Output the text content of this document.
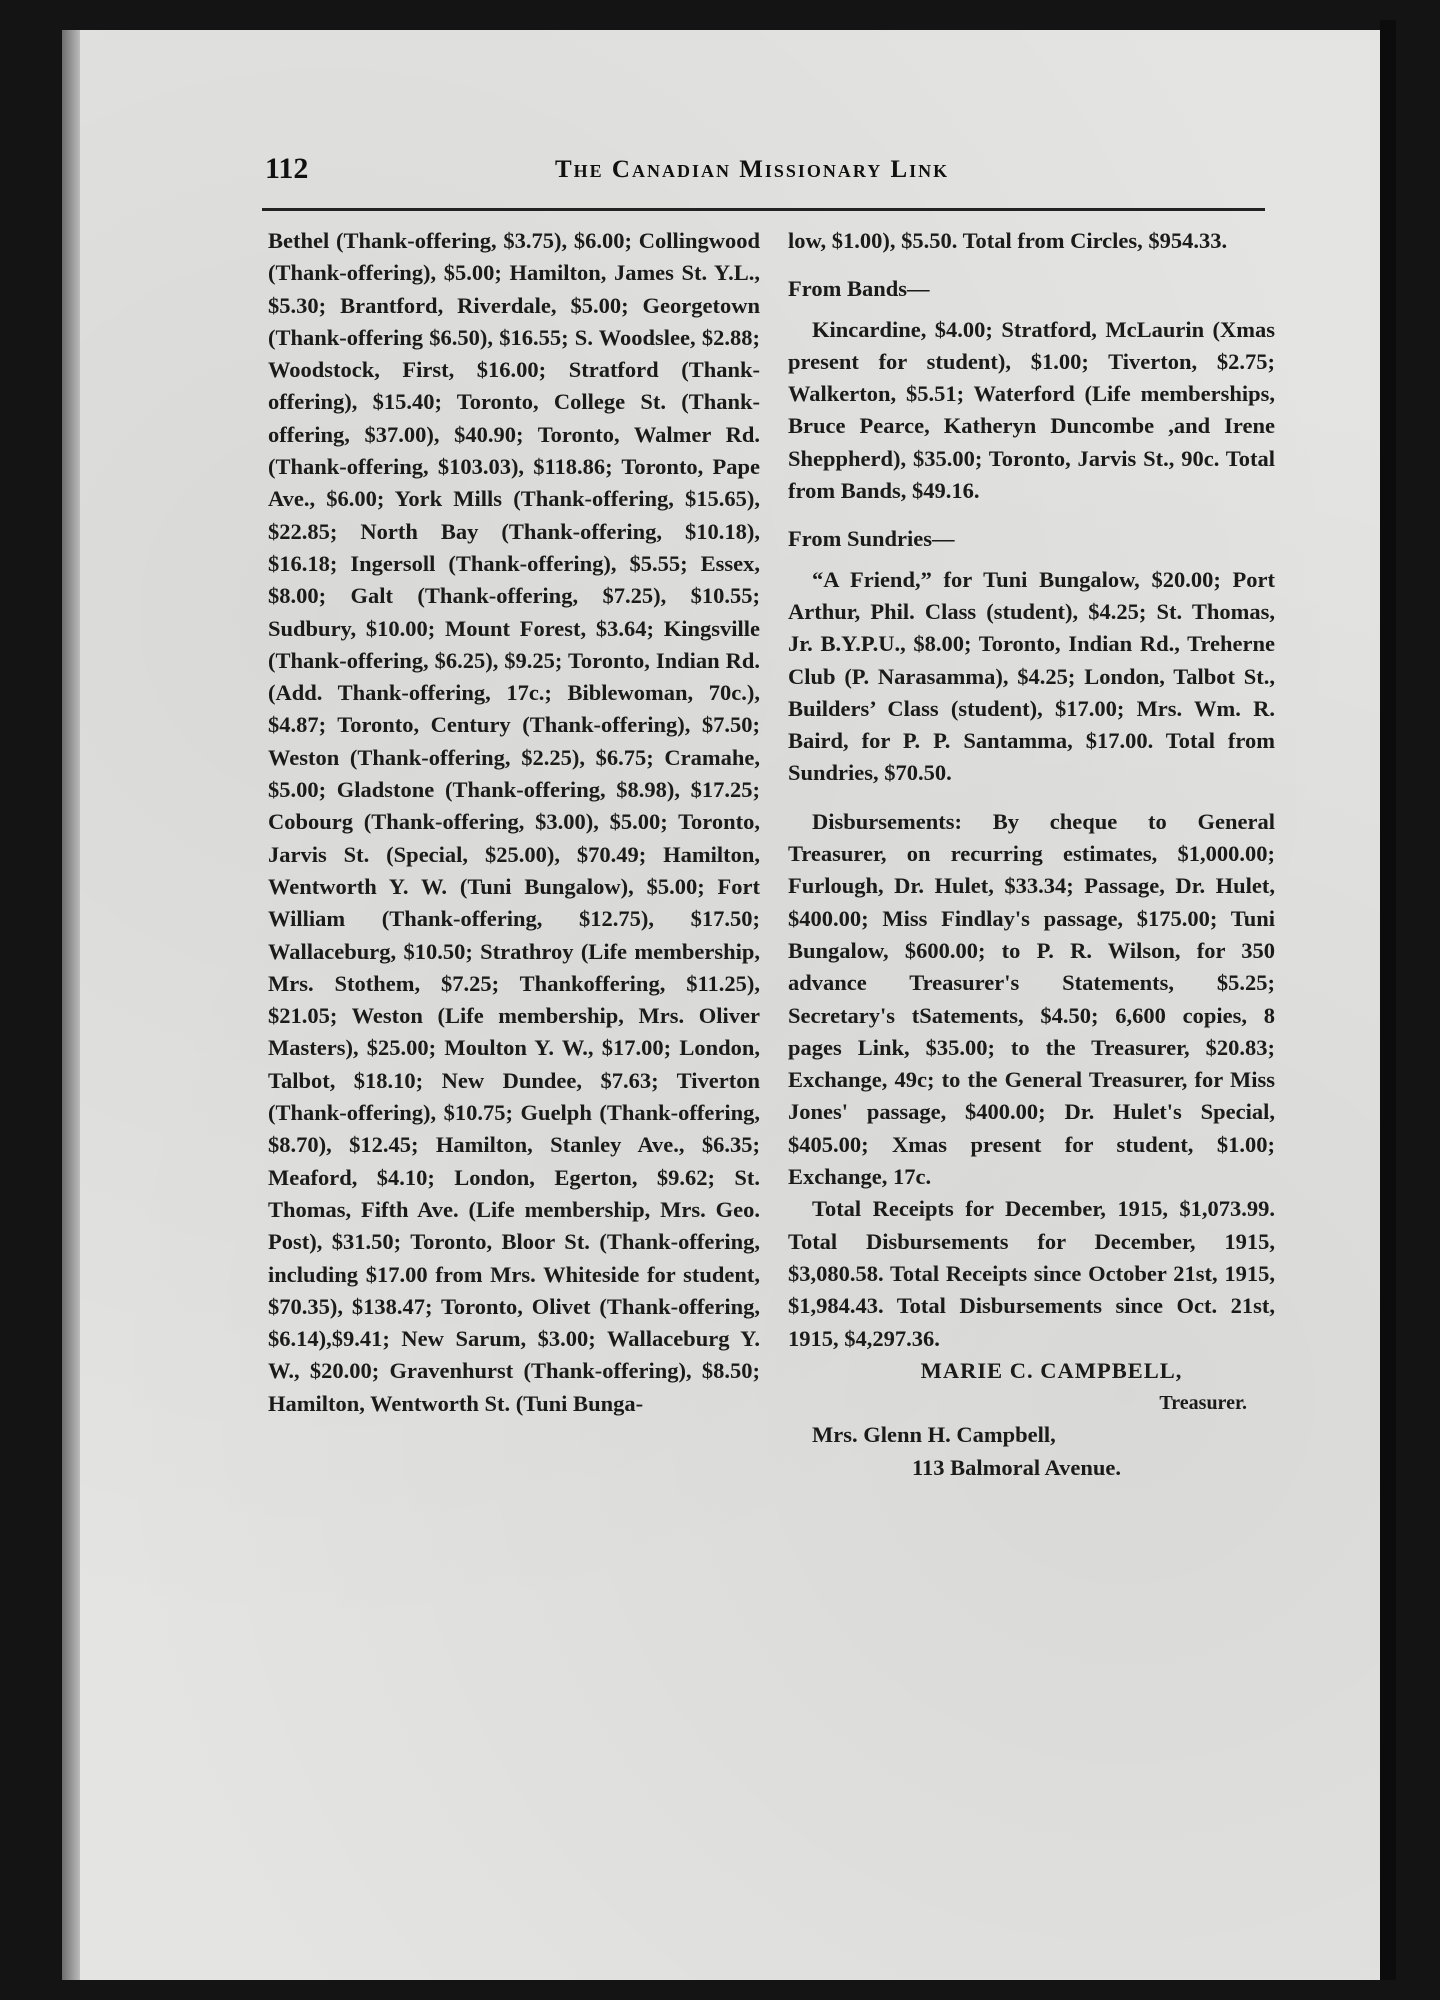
112	The Canadian Missionary Link

Bethel (Thank-offering, $3.75), $6.00; Collingwood (Thank-offering), $5.00; Hamilton, James St. Y.L., $5.30; Brantford, Riverdale, $5.00; Georgetown (Thank-offering $6.50), $16.55; S. Woodslee, $2.88; Woodstock, First, $16.00; Stratford (Thank-offering), $15.40; Toronto, College St. (Thank-offering, $37.00), $40.90; Toronto, Walmer Rd. (Thank-offering, $103.03), $118.86; Toronto, Pape Ave., $6.00; York Mills (Thank-offering, $15.65), $22.85; North Bay (Thank-offering, $10.18), $16.18; Ingersoll (Thank-offering), $5.55; Essex, $8.00; Galt (Thank-offering, $7.25), $10.55; Sudbury, $10.00; Mount Forest, $3.64; Kingsville (Thank-offering, $6.25), $9.25; Toronto, Indian Rd. (Add. Thank-offering, 17c.; Biblewoman, 70c.), $4.87; Toronto, Century (Thank-offering), $7.50; Weston (Thank-offering, $2.25), $6.75; Cramahe, $5.00; Gladstone (Thank-offering, $8.98), $17.25; Cobourg (Thank-offering, $3.00), $5.00; Toronto, Jarvis St. (Special, $25.00), $70.49; Hamilton, Wentworth Y. W. (Tuni Bungalow), $5.00; Fort William (Thank-offering, $12.75), $17.50; Wallaceburg, $10.50; Strathroy (Life membership, Mrs. Stothem, $7.25; Thankoffering, $11.25), $21.05; Weston (Life membership, Mrs. Oliver Masters), $25.00; Moulton Y. W., $17.00; London, Talbot, $18.10; New Dundee, $7.63; Tiverton (Thank-offering), $10.75; Guelph (Thank-offering, $8.70), $12.45; Hamilton, Stanley Ave., $6.35; Meaford, $4.10; London, Egerton, $9.62; St. Thomas, Fifth Ave. (Life membership, Mrs. Geo. Post), $31.50; Toronto, Bloor St. (Thank-offering, including $17.00 from Mrs. Whiteside for student, $70.35), $138.47; Toronto, Olivet (Thank-offering, $6.14),$9.41; New Sarum, $3.00; Wallaceburg Y. W., $20.00; Gravenhurst (Thank-offering), $8.50; Hamilton, Wentworth St. (Tuni Bunga-

low, $1.00), $5.50. Total from Circles, $954.33.

From Bands—

Kincardine, $4.00; Stratford, McLaurin (Xmas present for student), $1.00; Tiverton, $2.75; Walkerton, $5.51; Waterford (Life memberships, Bruce Pearce, Katheryn Duncombe ,and Irene Sheppherd), $35.00; Toronto, Jarvis St., 90c. Total from Bands, $49.16.

From Sundries—

“A Friend,” for Tuni Bungalow, $20.00; Port Arthur, Phil. Class (student), $4.25; St. Thomas, Jr. B.Y.P.U., $8.00; Toronto, Indian Rd., Treherne Club (P. Narasamma), $4.25; London, Talbot St., Builders’ Class (student), $17.00; Mrs. Wm. R. Baird, for P. P. Santamma, $17.00. Total from Sundries, $70.50.

Disbursements: By cheque to General Treasurer, on recurring estimates, $1,000.00; Furlough, Dr. Hulet, $33.34; Passage, Dr. Hulet, $400.00; Miss Findlay's passage, $175.00; Tuni Bungalow, $600.00; to P. R. Wilson, for 350 advance Treasurer's Statements, $5.25; Secretary's tSatements, $4.50; 6,600 copies, 8 pages Link, $35.00; to the Treasurer, $20.83; Exchange, 49c; to the General Treasurer, for Miss Jones' passage, $400.00; Dr. Hulet's Special, $405.00; Xmas present for student, $1.00; Exchange, 17c.

Total Receipts for December, 1915, $1,073.99. Total Disbursements for December, 1915, $3,080.58. Total Receipts since October 21st, 1915, $1,984.43. Total Disbursements since Oct. 21st, 1915, $4,297.36.

MARIE C. CAMPBELL,

Treasurer.

Mrs. Glenn H. Campbell,

113 Balmoral Avenue.
